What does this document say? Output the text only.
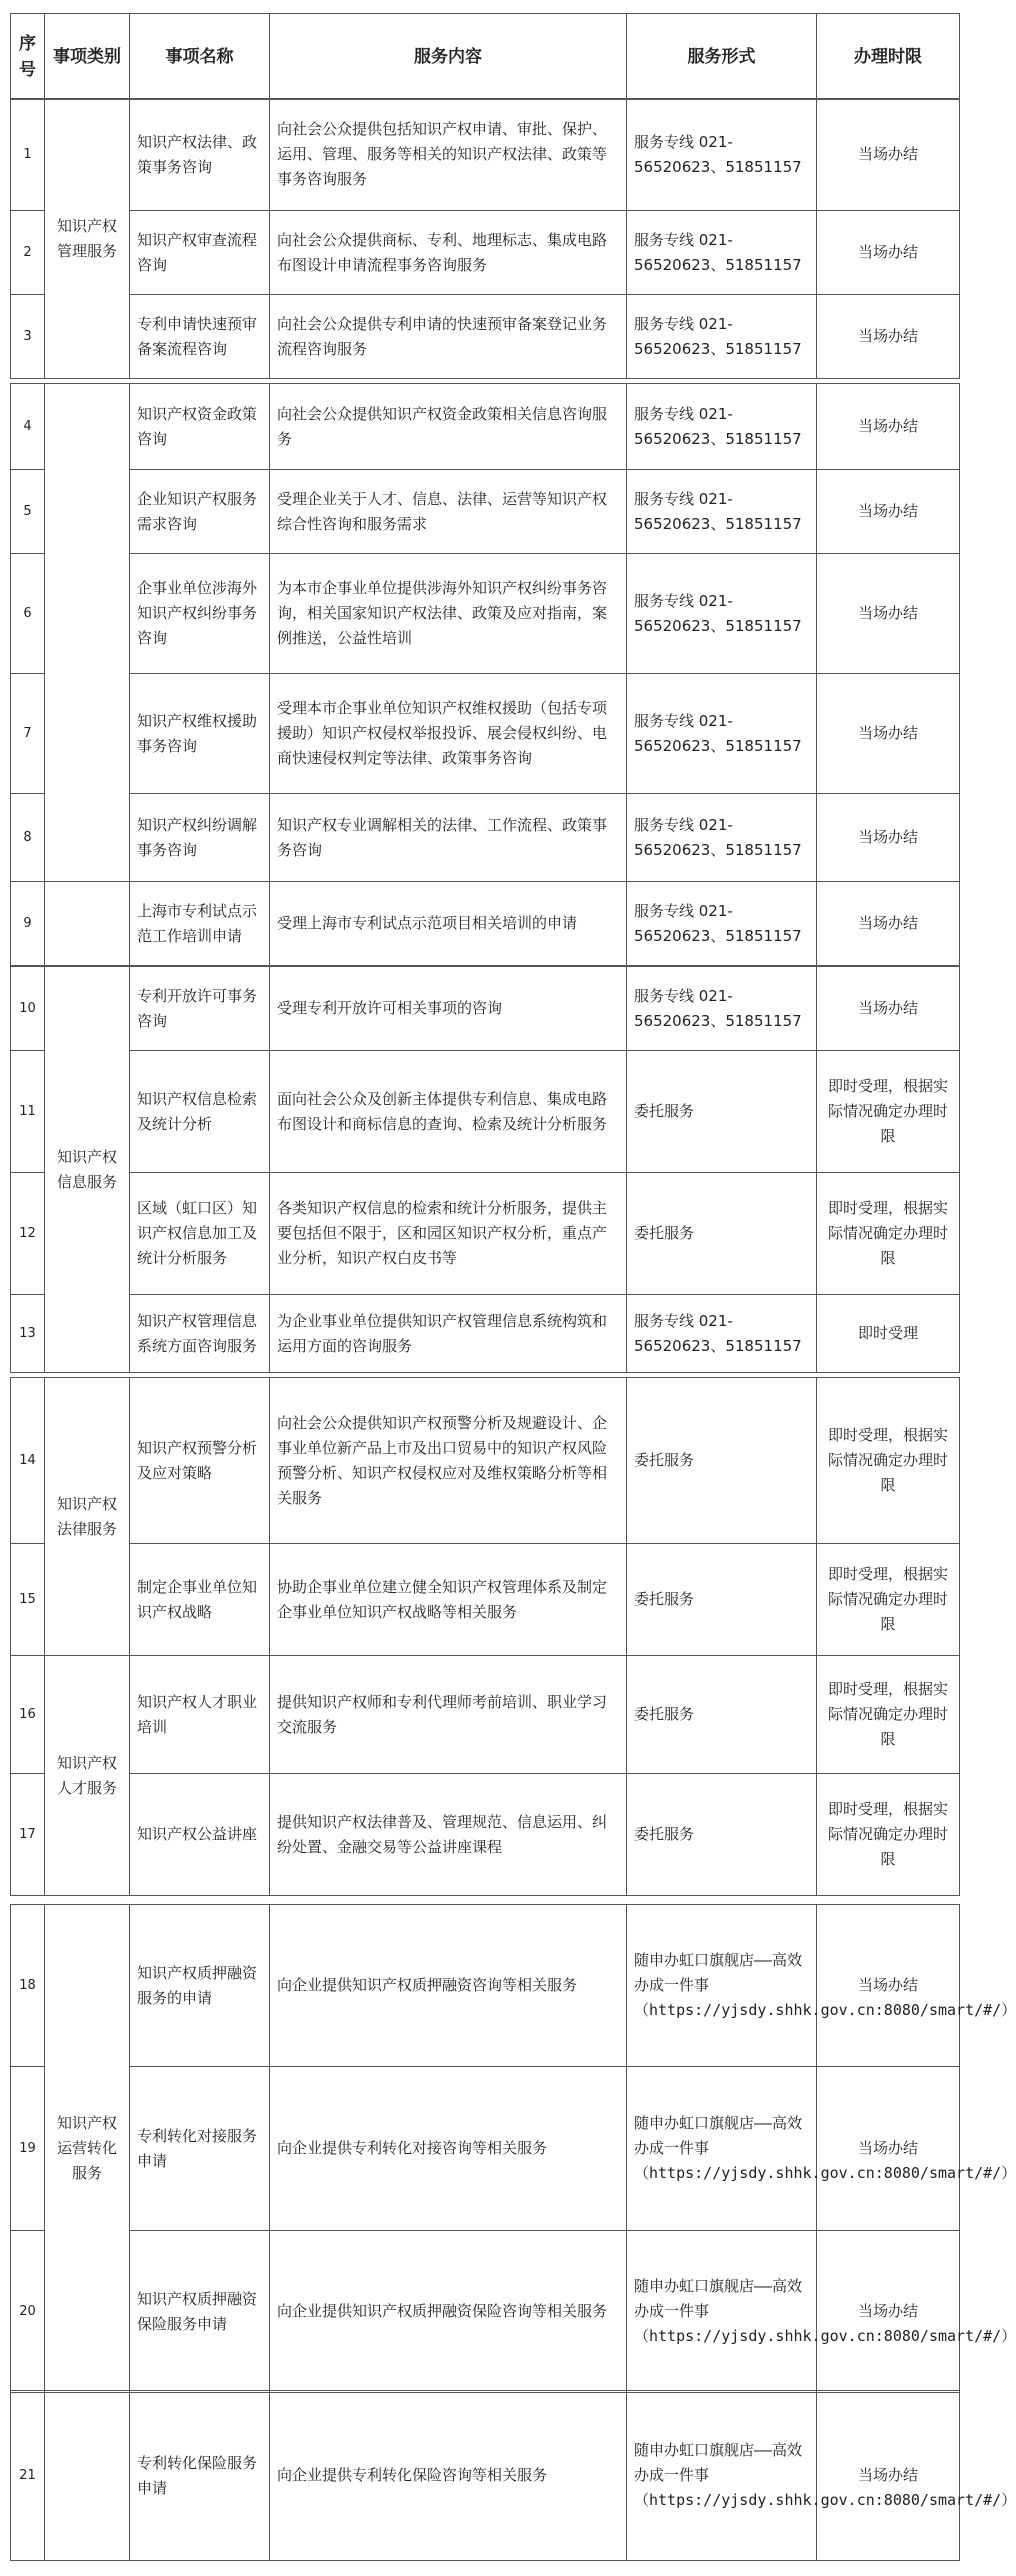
序号	事项类别	事项名称	服务内容	服务形式	办理时限
1	知识产权管理服务	知识产权法律、政策事务咨询	向社会公众提供包括知识产权申请、审批、保护、运用、管理、服务等相关的知识产权法律、政策等事务咨询服务	服务专线 021-56520623、51851157	当场办结
2		知识产权审查流程咨询	向社会公众提供商标、专利、地理标志、集成电路布图设计申请流程事务咨询服务	服务专线 021-56520623、51851157	当场办结
3		专利申请快速预审备案流程咨询	向社会公众提供专利申请的快速预审备案登记业务流程咨询服务	服务专线 021-56520623、51851157	当场办结
4		知识产权资金政策咨询	向社会公众提供知识产权资金政策相关信息咨询服务	服务专线 021-56520623、51851157	当场办结
5		企业知识产权服务需求咨询	受理企业关于人才、信息、法律、运营等知识产权综合性咨询和服务需求	服务专线 021-56520623、51851157	当场办结
6		企事业单位涉海外知识产权纠纷事务咨询	为本市企事业单位提供涉海外知识产权纠纷事务咨询，相关国家知识产权法律、政策及应对指南，案例推送，公益性培训	服务专线 021-56520623、51851157	当场办结
7		知识产权维权援助事务咨询	受理本市企事业单位知识产权维权援助（包括专项援助）知识产权侵权举报投诉、展会侵权纠纷、电商快速侵权判定等法律、政策事务咨询	服务专线 021-56520623、51851157	当场办结
8		知识产权纠纷调解事务咨询	知识产权专业调解相关的法律、工作流程、政策事务咨询	服务专线 021-56520623、51851157	当场办结
9		上海市专利试点示范工作培训申请	受理上海市专利试点示范项目相关培训的申请	服务专线 021-56520623、51851157	当场办结
10	知识产权信息服务	专利开放许可事务咨询	受理专利开放许可相关事项的咨询	服务专线 021-56520623、51851157	当场办结
11		知识产权信息检索及统计分析	面向社会公众及创新主体提供专利信息、集成电路布图设计和商标信息的查询、检索及统计分析服务	委托服务	即时受理，根据实际情况确定办理时限
12		区域（虹口区）知识产权信息加工及统计分析服务	各类知识产权信息的检索和统计分析服务，提供主要包括但不限于，区和园区知识产权分析，重点产业分析，知识产权白皮书等	委托服务	即时受理，根据实际情况确定办理时限
13		知识产权管理信息系统方面咨询服务	为企业事业单位提供知识产权管理信息系统构筑和运用方面的咨询服务	服务专线 021-56520623、51851157	即时受理
14	知识产权法律服务	知识产权预警分析及应对策略	向社会公众提供知识产权预警分析及规避设计、企事业单位新产品上市及出口贸易中的知识产权风险预警分析、知识产权侵权应对及维权策略分析等相关服务	委托服务	即时受理，根据实际情况确定办理时限
15		制定企事业单位知识产权战略	协助企事业单位建立健全知识产权管理体系及制定企事业单位知识产权战略等相关服务	委托服务	即时受理，根据实际情况确定办理时限
16	知识产权人才服务	知识产权人才职业培训	提供知识产权师和专利代理师考前培训、职业学习交流服务	委托服务	即时受理，根据实际情况确定办理时限
17		知识产权公益讲座	提供知识产权法律普及、管理规范、信息运用、纠纷处置、金融交易等公益讲座课程	委托服务	即时受理，根据实际情况确定办理时限
18	知识产权运营转化服务	知识产权质押融资服务的申请	向企业提供知识产权质押融资咨询等相关服务	随申办虹口旗舰店——高效办成一件事（https://yjsdy.shhk.gov.cn:8080/smart/#/）	当场办结
19		专利转化对接服务申请	向企业提供专利转化对接咨询等相关服务	随申办虹口旗舰店——高效办成一件事（https://yjsdy.shhk.gov.cn:8080/smart/#/）	当场办结
20		知识产权质押融资保险服务申请	向企业提供知识产权质押融资保险咨询等相关服务	随申办虹口旗舰店——高效办成一件事（https://yjsdy.shhk.gov.cn:8080/smart/#/）	当场办结
21		专利转化保险服务申请	向企业提供专利转化保险咨询等相关服务	随申办虹口旗舰店——高效办成一件事（https://yjsdy.shhk.gov.cn:8080/smart/#/）	当场办结
